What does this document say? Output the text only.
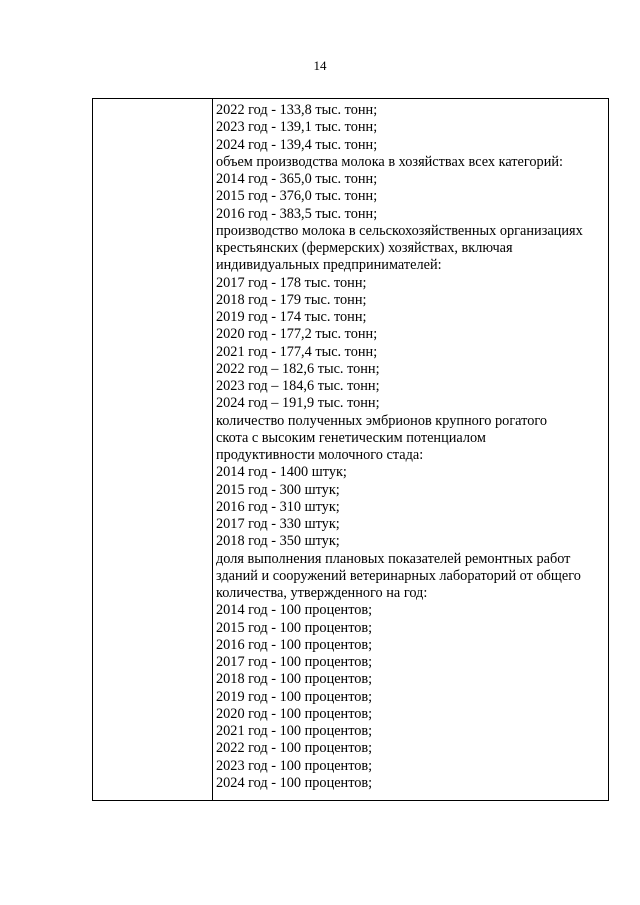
14

2022 год - 133,8 тыс. тонн;

2023 год - 139,1 тыс. тонн;

2024 год - 139,4 тыс. тонн;

объем производства молока в хозяйствах всех категорий:

2014 год - 365,0 тыс. тонн;

2015 год - 376,0 тыс. тонн;

2016 год - 383,5 тыс. тонн;

производство молока в сельскохозяйственных организациях

крестьянских (фермерских) хозяйствах, включая

индивидуальных предпринимателей:

2017 год - 178 тыс. тонн;

2018 год - 179 тыс. тонн;

2019 год - 174 тыс. тонн;

2020 год - 177,2 тыс. тонн;

2021 год - 177,4 тыс. тонн;

2022 год – 182,6 тыс. тонн;

2023 год – 184,6 тыс. тонн;

2024 год – 191,9 тыс. тонн;

количество полученных эмбрионов крупного рогатого

скота с высоким генетическим потенциалом

продуктивности молочного стада:

2014 год - 1400 штук;

2015 год - 300 штук;

2016 год - 310 штук;

2017 год - 330 штук;

2018 год - 350 штук;

доля выполнения плановых показателей ремонтных работ

зданий и сооружений ветеринарных лабораторий от общего

количества, утвержденного на год:

2014 год - 100 процентов;

2015 год - 100 процентов;

2016 год - 100 процентов;

2017 год - 100 процентов;

2018 год - 100 процентов;

2019 год - 100 процентов;

2020 год - 100 процентов;

2021 год - 100 процентов;

2022 год - 100 процентов;

2023 год - 100 процентов;

2024 год - 100 процентов;
